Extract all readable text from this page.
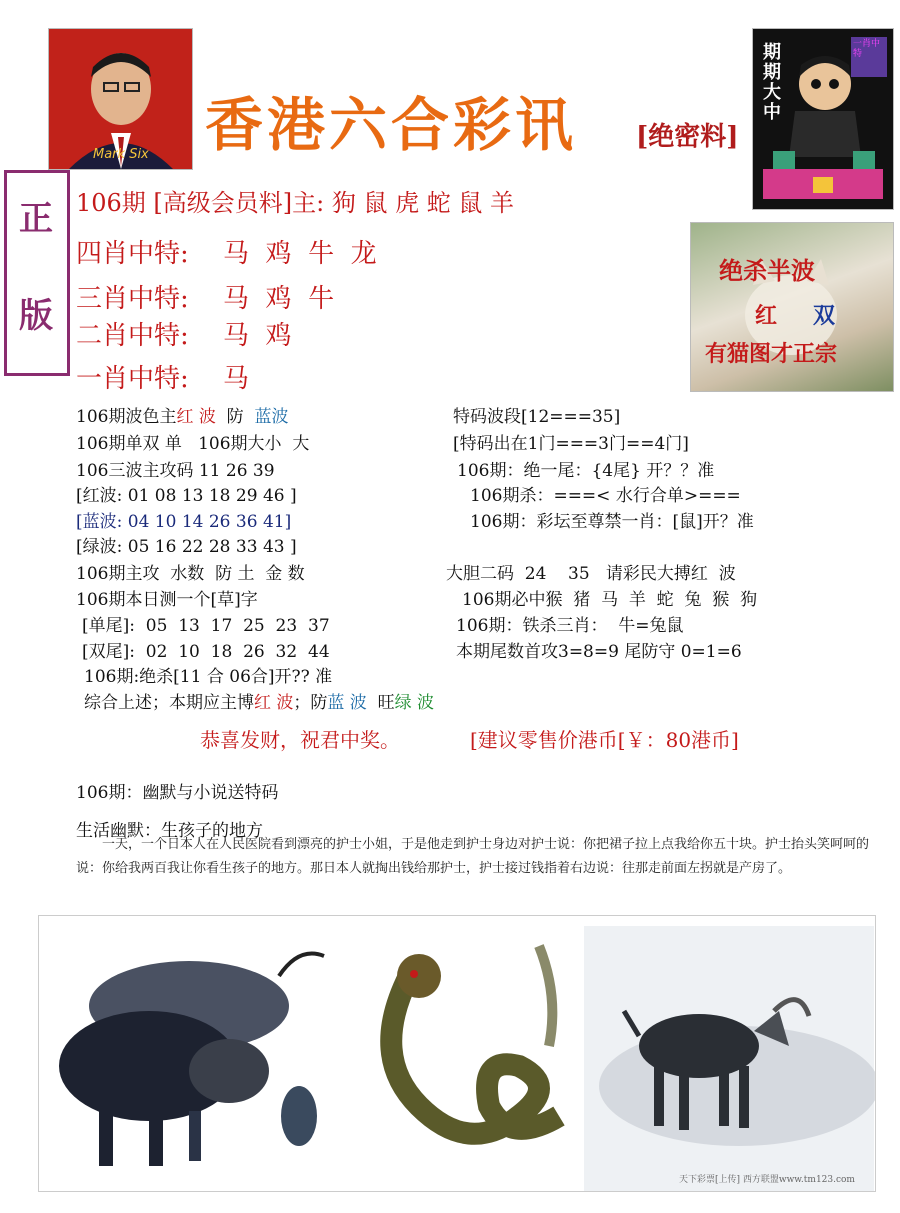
Mark Six 香港六合彩讯 [绝密料]
期期大中
一肖中特
正
版
106期 [高级会员料]主: 狗 鼠 虎 蛇 鼠 羊
四肖中特: 马  鸡  牛  龙
三肖中特: 马  鸡  牛
二肖中特: 马  鸡
一肖中特: 马
绝杀半波
红 双
有猫图才正宗
106期波色主红 波  防  蓝波
106期单双 单   106期大小  大
106三波主攻码 11 26 39
[红波: 01 08 13 18 29 46 ]
[蓝波: 04 10 14 26 36 41]
[绿波: 05 16 22 28 33 43 ]
106期主攻  水数  防 土  金 数
106期本日测一个[草]字
[单尾]:  05  13  17  25  23  37
[双尾]:  02  10  18  26  32  44
106期:绝杀[11 合 06合]开?? 准
综合上述；本期应主博红 波；防蓝 波  旺绿 波
特码波段[12===35]
[特码出在1门===3门==4门]
106期：绝一尾：{4尾} 开？？准
106期杀：===< 水行合单>===
106期：彩坛至尊禁一肖：[鼠]开？准
大胆二码  24    35   请彩民大搏红  波
106期必中猴  猪  马  羊  蛇  兔  猴  狗
106期：铁杀三肖：  牛=兔鼠
本期尾数首攻3=8=9 尾防守 0=1=6
恭喜发财，祝君中奖。	[建议零售价港币[￥：80港币]
106期：幽默与小说送特码
生活幽默：生孩子的地方
一天，一个日本人在人民医院看到漂亮的护士小姐，于是他走到护士身边对护士说：你把裙子拉上点我给你五十块。护士抬头笑呵呵的说：你给我两百我让你看生孩子的地方。那日本人就掏出钱给那护士，护士接过钱指着右边说：往那走前面左拐就是产房了。
天下彩票[上传] 西方联盟www.tm123.com
